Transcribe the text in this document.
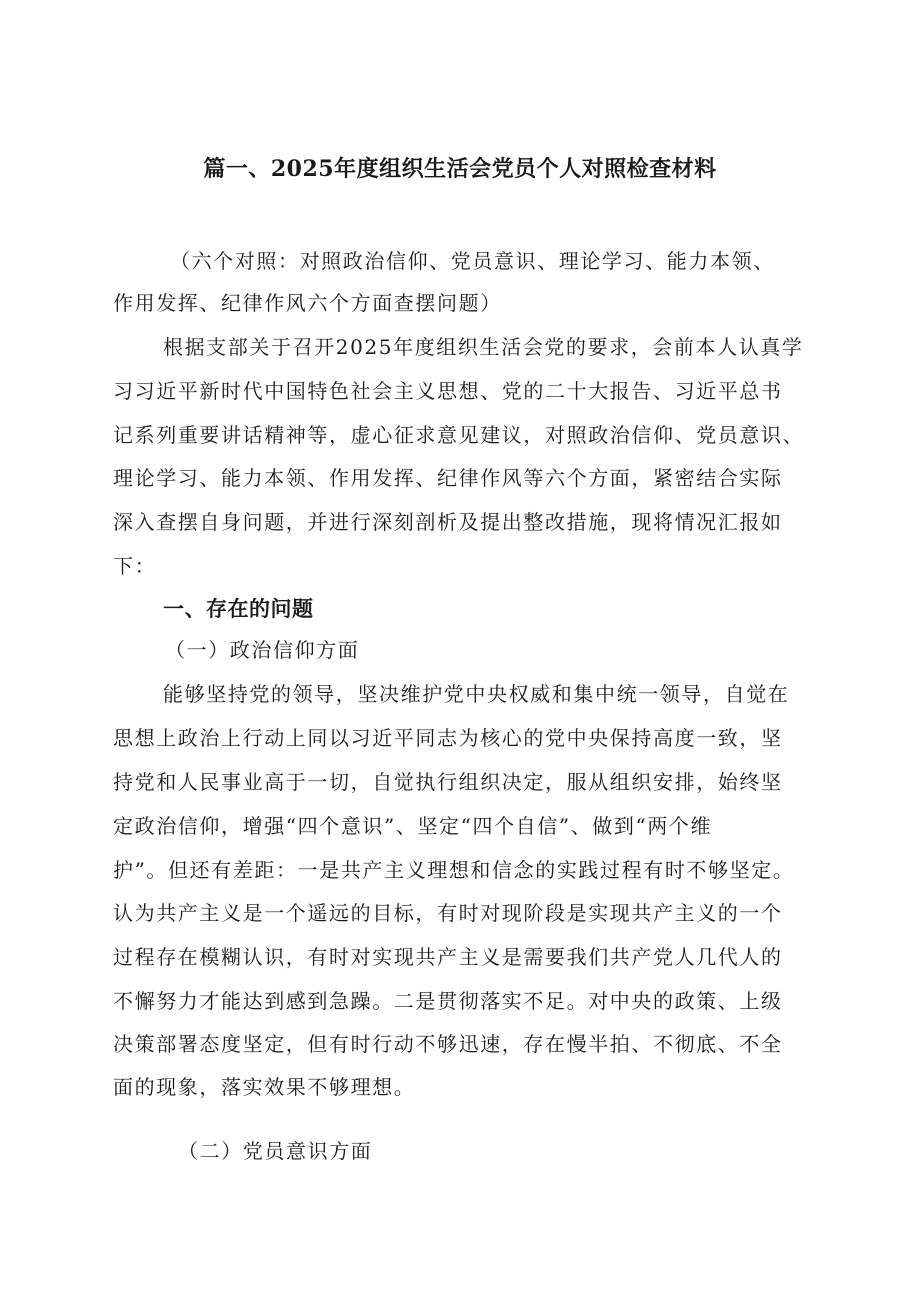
篇一、2025年度组织生活会党员个人对照检查材料
（六个对照：对照政治信仰、党员意识、理论学习、能力本领、
作用发挥、纪律作风六个方面查摆问题）
根据支部关于召开2025年度组织生活会党的要求，会前本人认真学
习习近平新时代中国特色社会主义思想、党的二十大报告、习近平总书
记系列重要讲话精神等，虚心征求意见建议，对照政治信仰、党员意识、
理论学习、能力本领、作用发挥、纪律作风等六个方面，紧密结合实际
深入查摆自身问题，并进行深刻剖析及提出整改措施，现将情况汇报如
下：
一、存在的问题
（一）政治信仰方面
能够坚持党的领导，坚决维护党中央权威和集中统一领导，自觉在
思想上政治上行动上同以习近平同志为核心的党中央保持高度一致，坚
持党和人民事业高于一切，自觉执行组织决定，服从组织安排，始终坚
定政治信仰，增强“四个意识”、坚定“四个自信”、做到“两个维
护”。但还有差距：一是共产主义理想和信念的实践过程有时不够坚定。
认为共产主义是一个遥远的目标，有时对现阶段是实现共产主义的一个
过程存在模糊认识，有时对实现共产主义是需要我们共产党人几代人的
不懈努力才能达到感到急躁。二是贯彻落实不足。对中央的政策、上级
决策部署态度坚定，但有时行动不够迅速，存在慢半拍、不彻底、不全
面的现象，落实效果不够理想。
（二）党员意识方面
